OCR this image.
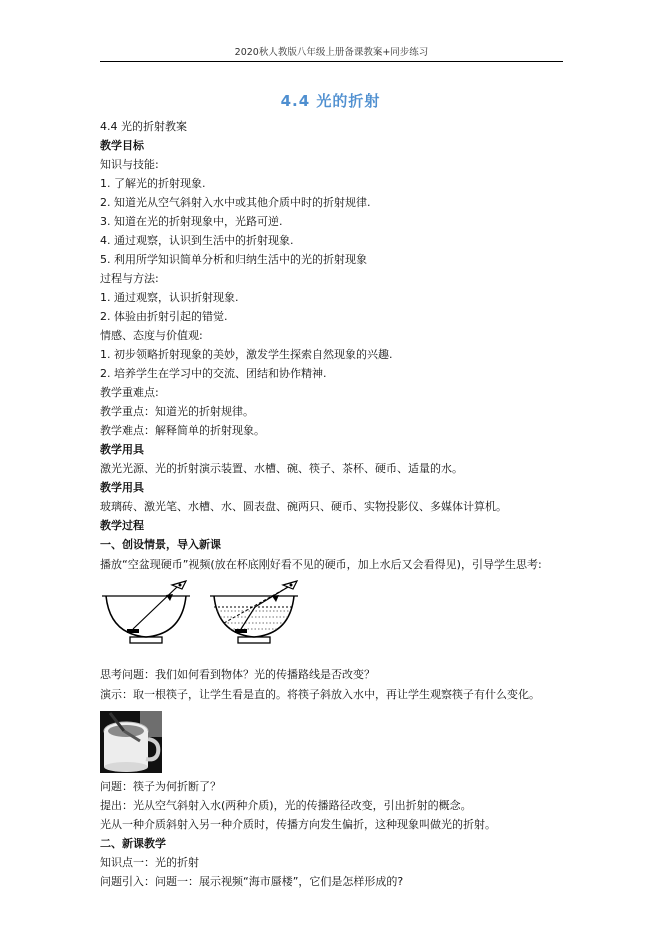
2020秋人教版八年级上册备课教案+同步练习
4.4 光的折射
4.4 光的折射教案
教学目标
知识与技能:
1. 了解光的折射现象.
2. 知道光从空气斜射入水中或其他介质中时的折射规律.
3. 知道在光的折射现象中，光路可逆.
4. 通过观察，认识到生活中的折射现象.
5. 利用所学知识简单分析和归纳生活中的光的折射现象
过程与方法:
1. 通过观察，认识折射现象.
2. 体验由折射引起的错觉.
情感、态度与价值观:
1. 初步领略折射现象的美妙，激发学生探索自然现象的兴趣.
2. 培养学生在学习中的交流、团结和协作精神.
教学重难点:
教学重点：知道光的折射规律。
教学难点：解释简单的折射现象。
教学用具
激光光源、光的折射演示装置、水槽、碗、筷子、茶杯、硬币、适量的水。
教学用具
玻璃砖、激光笔、水槽、水、圆表盘、碗两只、硬币、实物投影仪、多媒体计算机。
教学过程
一、创设情景，导入新课
播放“空盆现硬币”视频(放在杯底刚好看不见的硬币，加上水后又会看得见)，引导学生思考:
思考问题：我们如何看到物体？光的传播路线是否改变？
演示：取一根筷子，让学生看是直的。将筷子斜放入水中，再让学生观察筷子有什么变化。
问题：筷子为何折断了？
提出：光从空气斜射入水(两种介质)，光的传播路径改变，引出折射的概念。
光从一种介质斜射入另一种介质时，传播方向发生偏折，这种现象叫做光的折射。
二、新课教学
知识点一：光的折射
问题引入：问题一：展示视频“海市蜃楼”，它们是怎样形成的?
